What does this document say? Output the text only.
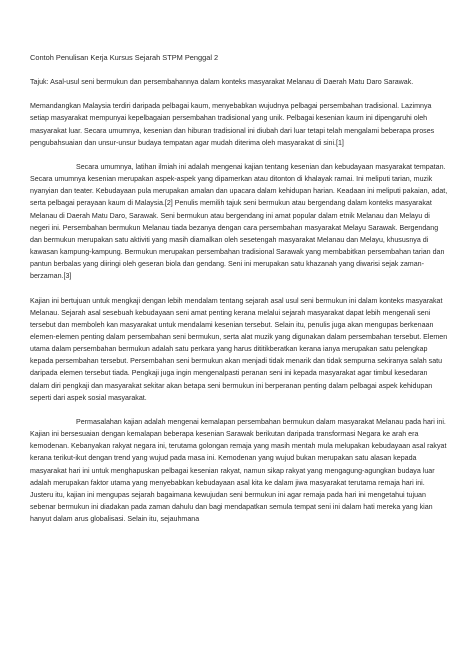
Contoh Penulisan Kerja Kursus Sejarah STPM Penggal 2
Tajuk: Asal-usul seni bermukun dan persembahannya dalam konteks masyarakat Melanau di Daerah Matu Daro Sarawak.

Memandangkan Malaysia terdiri daripada pelbagai kaum, menyebabkan wujudnya pelbagai persembahan tradisional. Lazimnya setiap masyarakat mempunyai kepelbagaian persembahan tradisional yang unik. Pelbagai kesenian kaum ini dipengaruhi oleh masyarakat luar. Secara umumnya, kesenian dan hiburan tradisional ini diubah dari luar tetapi telah mengalami beberapa proses pengubahsuaian dan unsur-unsur budaya tempatan agar mudah diterima oleh masyarakat di sini.[1]

Secara umumnya, latihan ilmiah ini adalah mengenai kajian tentang kesenian dan kebudayaan masyarakat tempatan. Secara umumnya kesenian merupakan aspek-aspek yang dipamerkan atau ditonton di khalayak ramai. Ini meliputi tarian, muzik nyanyian dan teater. Kebudayaan pula merupakan amalan dan upacara dalam kehidupan harian. Keadaan ini meliputi pakaian, adat, serta pelbagai perayaan kaum di Malaysia.[2] Penulis memilih tajuk seni bermukun atau bergendang dalam konteks masyarakat Melanau di Daerah Matu Daro, Sarawak. Seni bermukun atau bergendang ini amat popular dalam etnik Melanau dan Melayu di negeri ini. Persembahan bermukun Melanau tiada bezanya dengan cara persembahan masyarakat Melayu Sarawak. Bergendang dan bermukun merupakan satu aktiviti yang masih diamalkan oleh sesetengah masyarakat Melanau dan Melayu, khususnya di kawasan kampung-kampung. Bermukun merupakan persembahan tradisional Sarawak yang membabitkan persembahan tarian dan pantun berbalas yang diiringi oleh geseran biola dan gendang. Seni ini merupakan satu khazanah yang diwarisi sejak zaman-berzaman.[3]

Kajian ini bertujuan untuk mengkaji dengan lebih mendalam tentang sejarah asal usul seni bermukun ini dalam konteks masyarakat Melanau. Sejarah asal sesebuah kebudayaan seni amat penting kerana melalui sejarah masyarakat dapat lebih mengenali seni tersebut dan memboleh kan masyarakat untuk mendalami kesenian tersebut. Selain itu, penulis juga akan mengupas berkenaan elemen-elemen penting dalam persembahan seni bermukun, serta alat muzik yang digunakan dalam persembahan tersebut. Elemen utama dalam persembahan bermukun adalah satu perkara yang harus dititikberatkan kerana ianya merupakan satu pelengkap kepada persembahan tersebut. Persembahan seni bermukun akan menjadi tidak menarik dan tidak sempurna sekiranya salah satu daripada elemen tersebut tiada. Pengkaji juga ingin mengenalpasti peranan seni ini kepada masyarakat agar timbul kesedaran dalam diri pengkaji dan masyarakat sekitar akan betapa seni bermukun ini berperanan penting dalam pelbagai aspek kehidupan seperti dari aspek sosial masyarakat.

Permasalahan kajian adalah mengenai kemalapan persembahan bermukun dalam masyarakat Melanau pada hari ini. Kajian ini bersesuaian dengan kemalapan beberapa kesenian Sarawak berikutan daripada transformasi Negara ke arah era kemodenan. Kebanyakan rakyat negara ini, terutama golongan remaja yang masih mentah mula melupakan kebudayaan asal rakyat kerana terikut-ikut dengan trend yang wujud pada masa ini. Kemodenan yang wujud bukan merupakan satu alasan kepada masyarakat hari ini untuk menghapuskan pelbagai kesenian rakyat, namun sikap rakyat yang mengagung-agungkan budaya luar adalah merupakan faktor utama yang menyebabkan kebudayaan asal kita ke dalam jiwa masyarakat terutama remaja hari ini. Justeru itu, kajian ini mengupas sejarah bagaimana kewujudan seni bermukun ini agar remaja pada hari ini mengetahui tujuan sebenar bermukun ini diadakan pada zaman dahulu dan bagi mendapatkan semula tempat seni ini dalam hati mereka yang kian hanyut dalam arus globalisasi. Selain itu, sejauhmana
